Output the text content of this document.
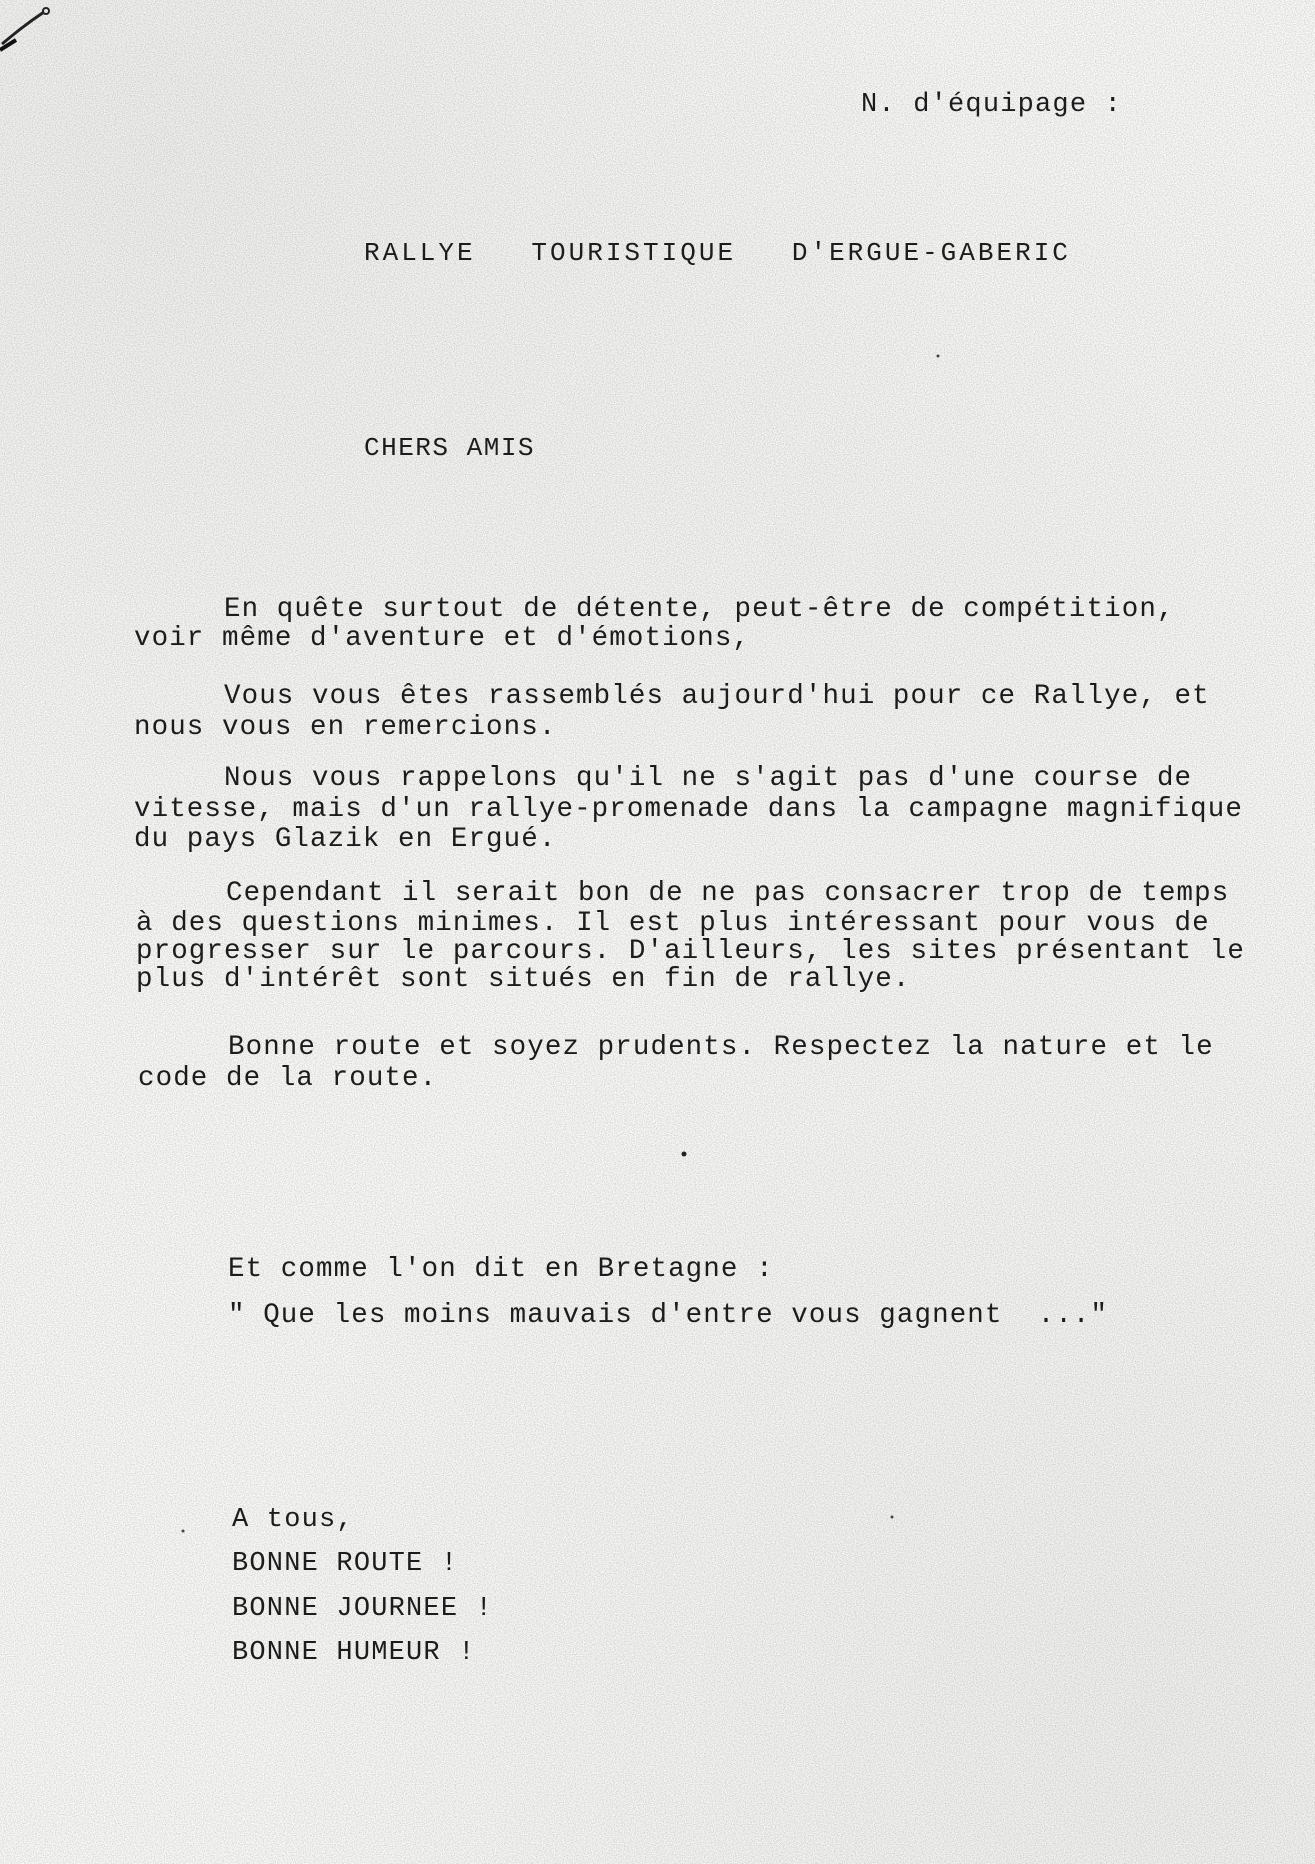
N. d'équipage :
RALLYE   TOURISTIQUE   D'ERGUE-GABERIC
CHERS AMIS
En quête surtout de détente, peut-être de compétition,
voir même d'aventure et d'émotions,
Vous vous êtes rassemblés aujourd'hui pour ce Rallye, et
nous vous en remercions.
Nous vous rappelons qu'il ne s'agit pas d'une course de
vitesse, mais d'un rallye-promenade dans la campagne magnifique
du pays Glazik en Ergué.
Cependant il serait bon de ne pas consacrer trop de temps
à des questions minimes. Il est plus intéressant pour vous de
progresser sur le parcours. D'ailleurs, les sites présentant le
plus d'intérêt sont situés en fin de rallye.
Bonne route et soyez prudents. Respectez la nature et le
code de la route.
Et comme l'on dit en Bretagne :
" Que les moins mauvais d'entre vous gagnent  ..."
A tous,
BONNE ROUTE !
BONNE JOURNEE !
BONNE HUMEUR !
